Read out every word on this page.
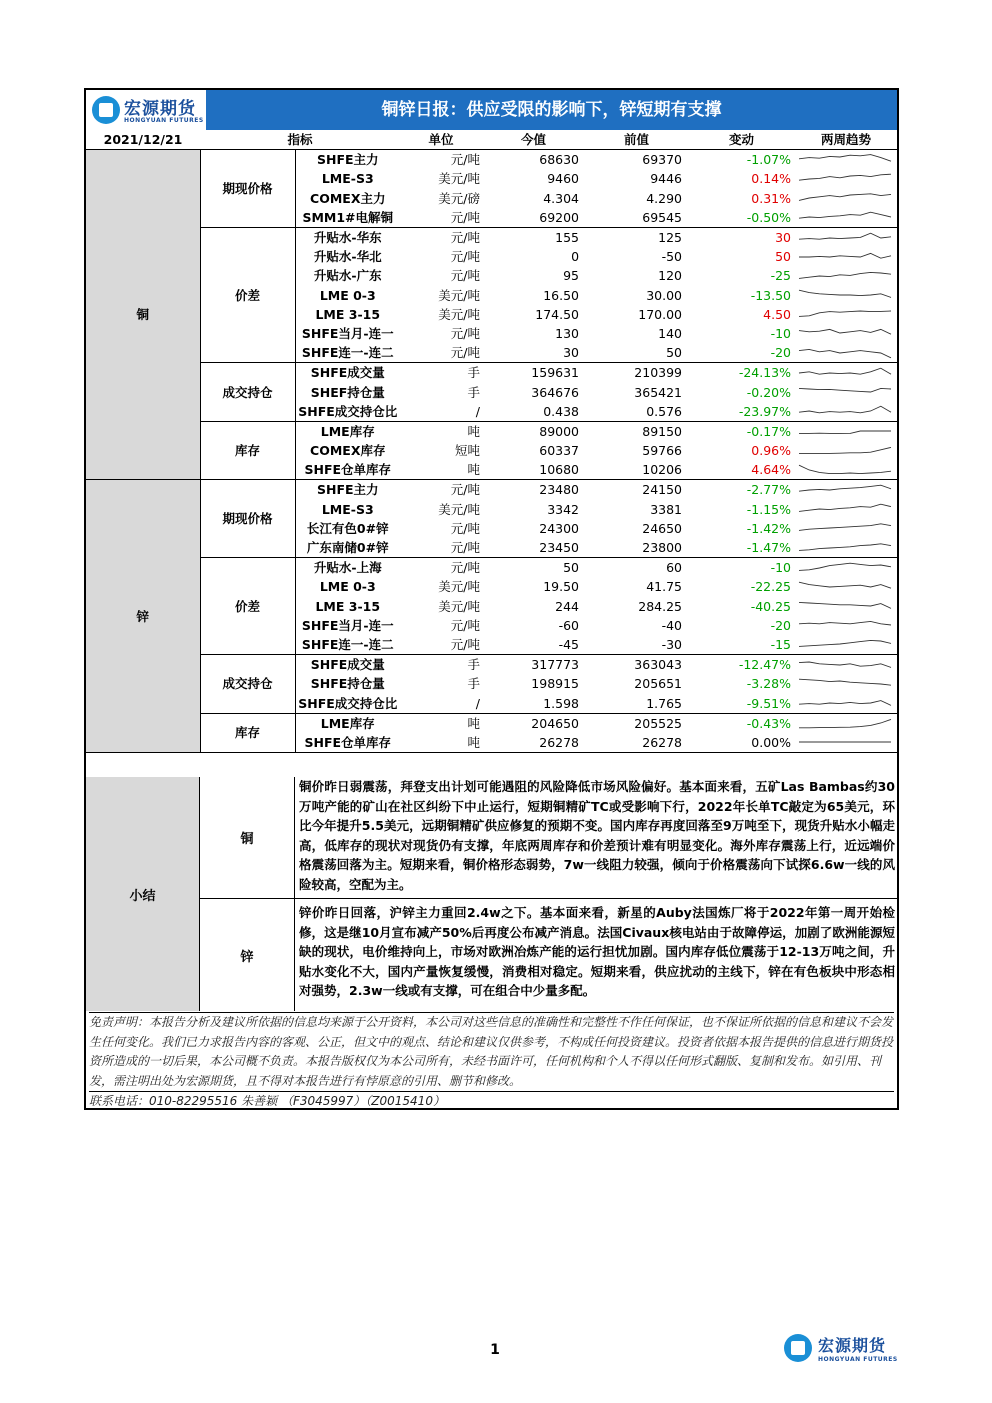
宏源期货
HONGYUAN FUTURES
铜锌日报：供应受限的影响下，锌短期有支撑
2021/12/21	指标		单位	今值	前值	变动	两周趋势
铜	期现价格	SHFE主力	元/吨	68630	69370	-1.07%	

		LME-S3	美元/吨	9460	9446	0.14%	

		COMEX主力	美元/磅	4.304	4.290	0.31%	

		SMM1#电解铜	元/吨	69200	69545	-0.50%	

	价差	升贴水-华东	元/吨	155	125	30	

		升贴水-华北	元/吨	0	-50	50	

		升贴水-广东	元/吨	95	120	-25	

		LME 0-3	美元/吨	16.50	30.00	-13.50	

		LME 3-15	美元/吨	174.50	170.00	4.50	

		SHFE当月-连一	元/吨	130	140	-10	

		SHFE连一-连二	元/吨	30	50	-20	

	成交持仓	SHFE成交量	手	159631	210399	-24.13%	

		SHEF持仓量	手	364676	365421	-0.20%	

		SHFE成交持仓比	/	0.438	0.576	-23.97%	

	库存	LME库存	吨	89000	89150	-0.17%	

		COMEX库存	短吨	60337	59766	0.96%	

		SHFE仓单库存	吨	10680	10206	4.64%	

锌	期现价格	SHFE主力	元/吨	23480	24150	-2.77%	

		LME-S3	美元/吨	3342	3381	-1.15%	

		长江有色0#锌	元/吨	24300	24650	-1.42%	

		广东南储0#锌	元/吨	23450	23800	-1.47%	

	价差	升贴水-上海	元/吨	50	60	-10	

		LME 0-3	美元/吨	19.50	41.75	-22.25	

		LME 3-15	美元/吨	244	284.25	-40.25	

		SHFE当月-连一	元/吨	-60	-40	-20	

		SHFE连一-连二	元/吨	-45	-30	-15	

	成交持仓	SHFE成交量	手	317773	363043	-12.47%	

		SHFE持仓量	手	198915	205651	-3.28%	

		SHFE成交持仓比	/	1.598	1.765	-9.51%	

	库存	LME库存	吨	204650	205525	-0.43%	

		SHFE仓单库存	吨	26278	26278	0.00%	
小结
铜
铜价昨日弱震荡，拜登支出计划可能遇阻的风险降低市场风险偏好。基本面来看，五矿Las Bambas约30万吨产能的矿山在社区纠纷下中止运行，短期铜精矿TC或受影响下行，2022年长单TC敲定为65美元，环比今年提升5.5美元，远期铜精矿供应修复的预期不变。国内库存再度回落至9万吨至下，现货升贴水小幅走高，低库存的现状对现货仍有支撑，年底两周库存和价差预计难有明显变化。海外库存震荡上行，近远端价格震荡回落为主。短期来看，铜价格形态弱势，7w一线阻力较强，倾向于价格震荡向下试探6.6w一线的风险较高，空配为主。
锌
锌价昨日回落，沪锌主力重回2.4w之下。基本面来看，新星的Auby法国炼厂将于2022年第一周开始检修，这是继10月宣布减产50%后再度公布减产消息。法国Civaux核电站由于故障停运，加剧了欧洲能源短缺的现状，电价维持向上，市场对欧洲冶炼产能的运行担忧加剧。国内库存低位震荡于12-13万吨之间，升贴水变化不大，国内产量恢复缓慢，消费相对稳定。短期来看，供应扰动的主线下，锌在有色板块中形态相对强势，2.3w一线或有支撑，可在组合中少量多配。
免责声明：本报告分析及建议所依据的信息均来源于公开资料，本公司对这些信息的准确性和完整性不作任何保证，也不保证所依据的信息和建议不会发生任何变化。我们已力求报告内容的客观、公正，但文中的观点、结论和建议仅供参考，不构成任何投资建议。投资者依据本报告提供的信息进行期货投资所造成的一切后果，本公司概不负责。本报告版权仅为本公司所有，未经书面许可，任何机构和个人不得以任何形式翻版、复制和发布。如引用、刊发，需注明出处为宏源期货，且不得对本报告进行有悖原意的引用、删节和修改。
联系电话：010-82295516 朱善颖 （F3045997）（Z0015410）
1	宏源期货
HONGYUAN FUTURES
